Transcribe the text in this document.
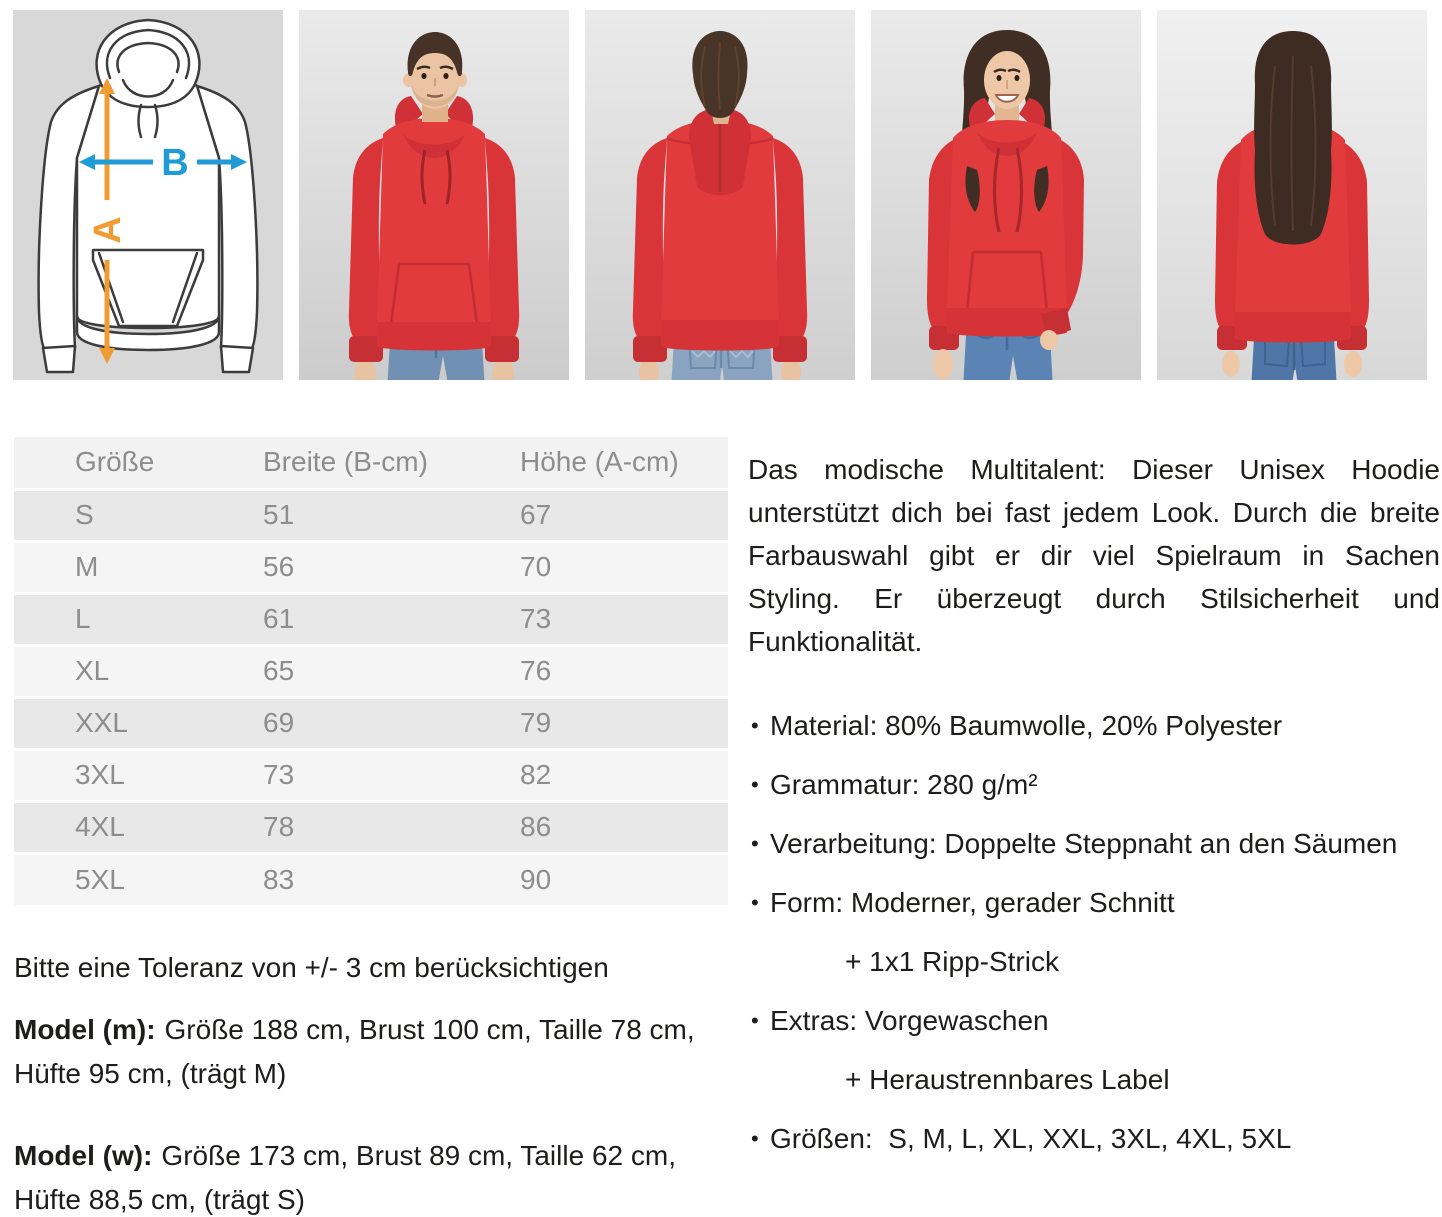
A
B
Größe	Breite (B-cm)	Höhe (A-cm)
S	51	67
M	56	70
L	61	73
XL	65	76
XXL	69	79
3XL	73	82
4XL	78	86
5XL	83	90
Bitte eine Toleranz von +/- 3 cm berücksichtigen
Model (m): Größe 188 cm, Brust 100 cm, Taille 78 cm,
Hüfte 95 cm, (trägt M)
Model (w): Größe 173 cm, Brust 89 cm, Taille 62 cm,
Hüfte 88,5 cm, (trägt S)
Das modische Multitalent: Dieser Unisex Hoodie unterstützt dich bei fast jedem Look. Durch die breite Farbauswahl gibt er dir viel Spielraum in Sachen Styling. Er überzeugt durch Stilsicherheit und Funktionalität.
• Material: 80% Baumwolle, 20% Polyester
• Grammatur: 280 g/m²
• Verarbeitung: Doppelte Steppnaht an den Säumen
• Form: Moderner, gerader Schnitt
+ 1x1 Ripp-Strick
• Extras: Vorgewaschen
+ Heraustrennbares Label
• Größen:  S, M, L, XL, XXL, 3XL, 4XL, 5XL
